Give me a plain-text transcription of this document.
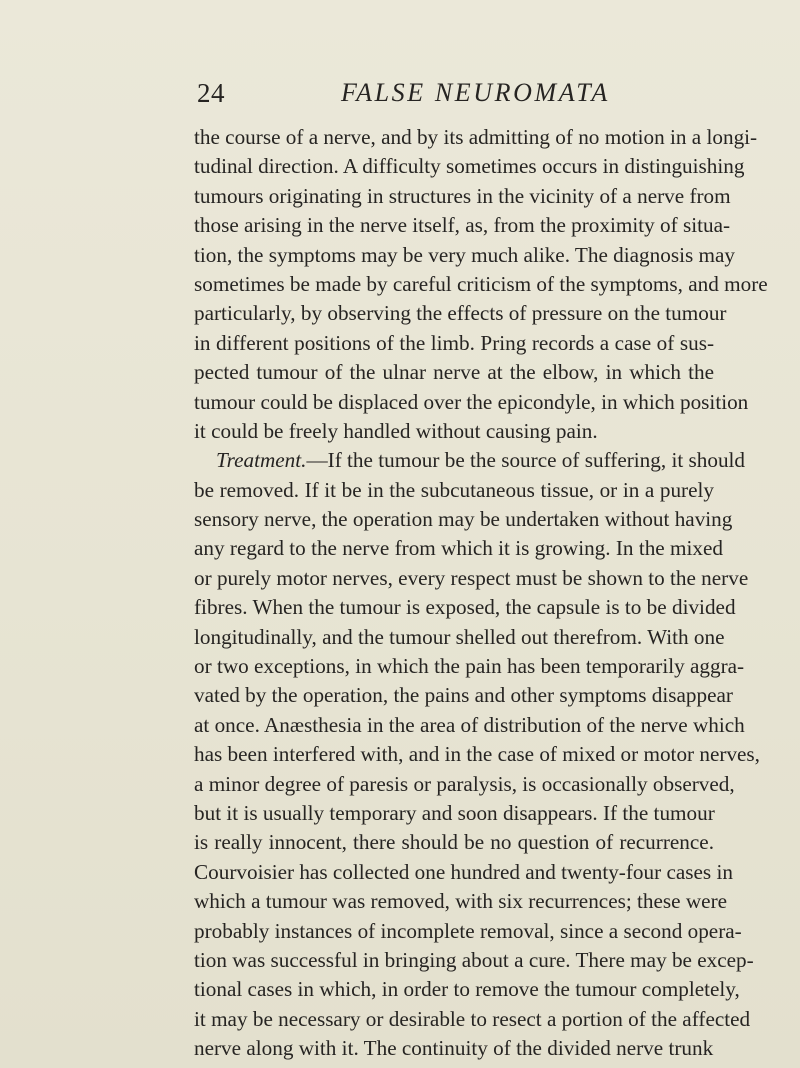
24	FALSE NEUROMATA
the course of a nerve, and by its admitting of no motion in a longi-
tudinal direction. A difficulty sometimes occurs in distinguishing
tumours originating in structures in the vicinity of a nerve from
those arising in the nerve itself, as, from the proximity of situa-
tion, the symptoms may be very much alike. The diagnosis may
sometimes be made by careful criticism of the symptoms, and more
particularly, by observing the effects of pressure on the tumour
in different positions of the limb. Pring records a case of sus-
pected tumour of the ulnar nerve at the elbow, in which the
tumour could be displaced over the epicondyle, in which position
it could be freely handled without causing pain.
Treatment.—If the tumour be the source of suffering, it should
be removed. If it be in the subcutaneous tissue, or in a purely
sensory nerve, the operation may be undertaken without having
any regard to the nerve from which it is growing. In the mixed
or purely motor nerves, every respect must be shown to the nerve
fibres. When the tumour is exposed, the capsule is to be divided
longitudinally, and the tumour shelled out therefrom. With one
or two exceptions, in which the pain has been temporarily aggra-
vated by the operation, the pains and other symptoms disappear
at once. Anæsthesia in the area of distribution of the nerve which
has been interfered with, and in the case of mixed or motor nerves,
a minor degree of paresis or paralysis, is occasionally observed,
but it is usually temporary and soon disappears. If the tumour
is really innocent, there should be no question of recurrence.
Courvoisier has collected one hundred and twenty-four cases in
which a tumour was removed, with six recurrences; these were
probably instances of incomplete removal, since a second opera-
tion was successful in bringing about a cure. There may be excep-
tional cases in which, in order to remove the tumour completely,
it may be necessary or desirable to resect a portion of the affected
nerve along with it. The continuity of the divided nerve trunk
